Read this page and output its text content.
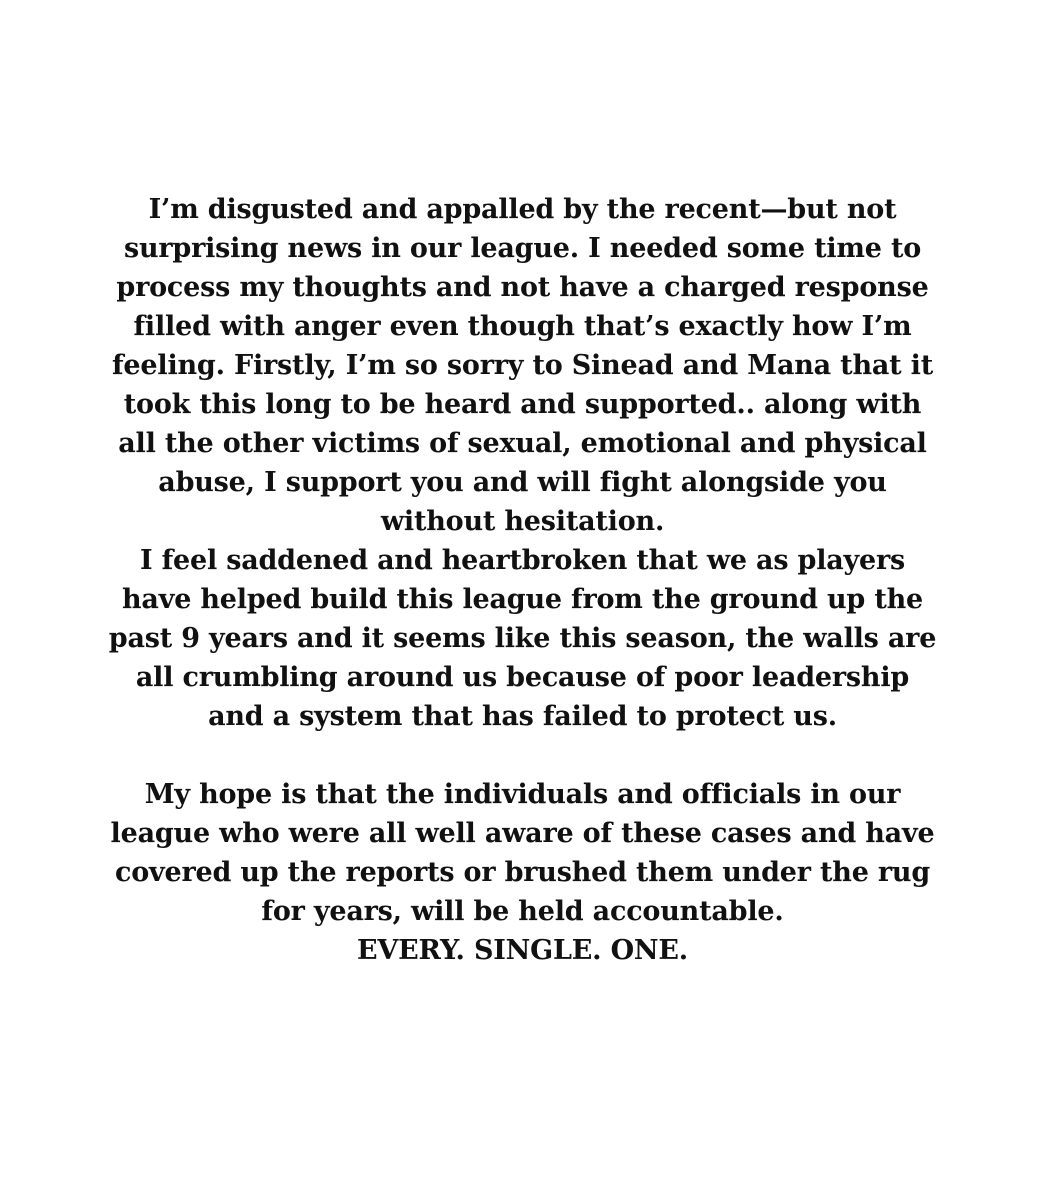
I’m disgusted and appalled by the recent—but not
surprising news in our league. I needed some time to
process my thoughts and not have a charged response
filled with anger even though that’s exactly how I’m
feeling. Firstly, I’m so sorry to Sinead and Mana that it
took this long to be heard and supported.. along with
all the other victims of sexual, emotional and physical
abuse, I support you and will fight alongside you
without hesitation.
I feel saddened and heartbroken that we as players
have helped build this league from the ground up the
past 9 years and it seems like this season, the walls are
all crumbling around us because of poor leadership
and a system that has failed to protect us.
My hope is that the individuals and officials in our
league who were all well aware of these cases and have
covered up the reports or brushed them under the rug
for years, will be held accountable.
EVERY. SINGLE. ONE.
